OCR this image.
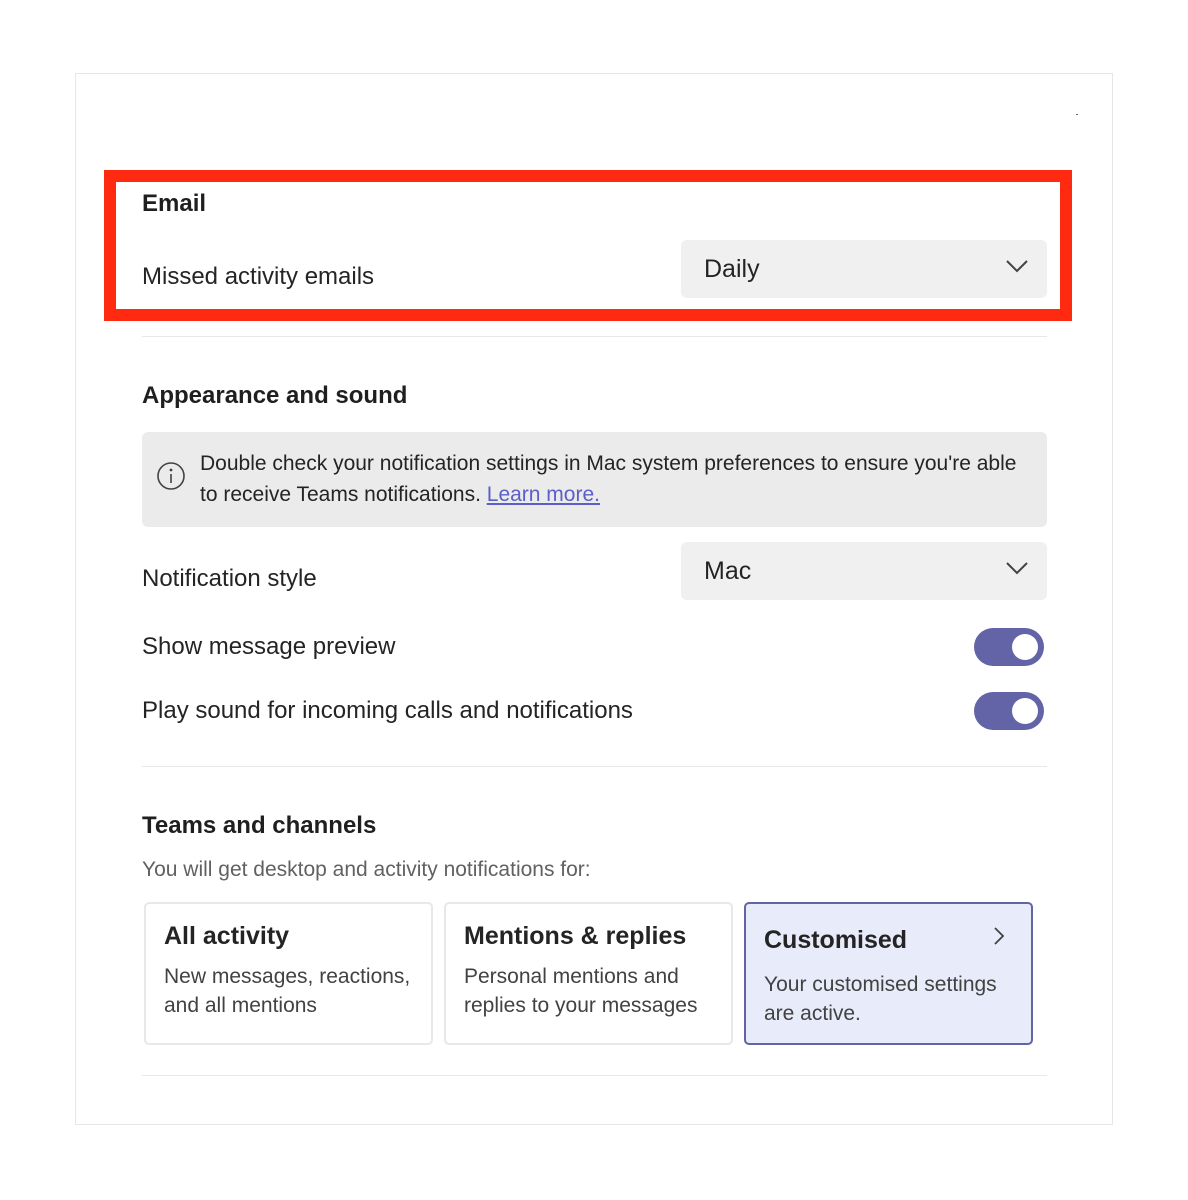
Email
Missed activity emails	Daily
Appearance and sound
Double check your notification settings in Mac system preferences to ensure you're able to receive Teams notifications. Learn more.
Notification style	Mac
Show message preview
Play sound for incoming calls and notifications
Teams and channels
You will get desktop and activity notifications for:
All activity
New messages, reactions, and all mentions
Mentions & replies
Personal mentions and replies to your messages
Customised
Your customised settings are active.
